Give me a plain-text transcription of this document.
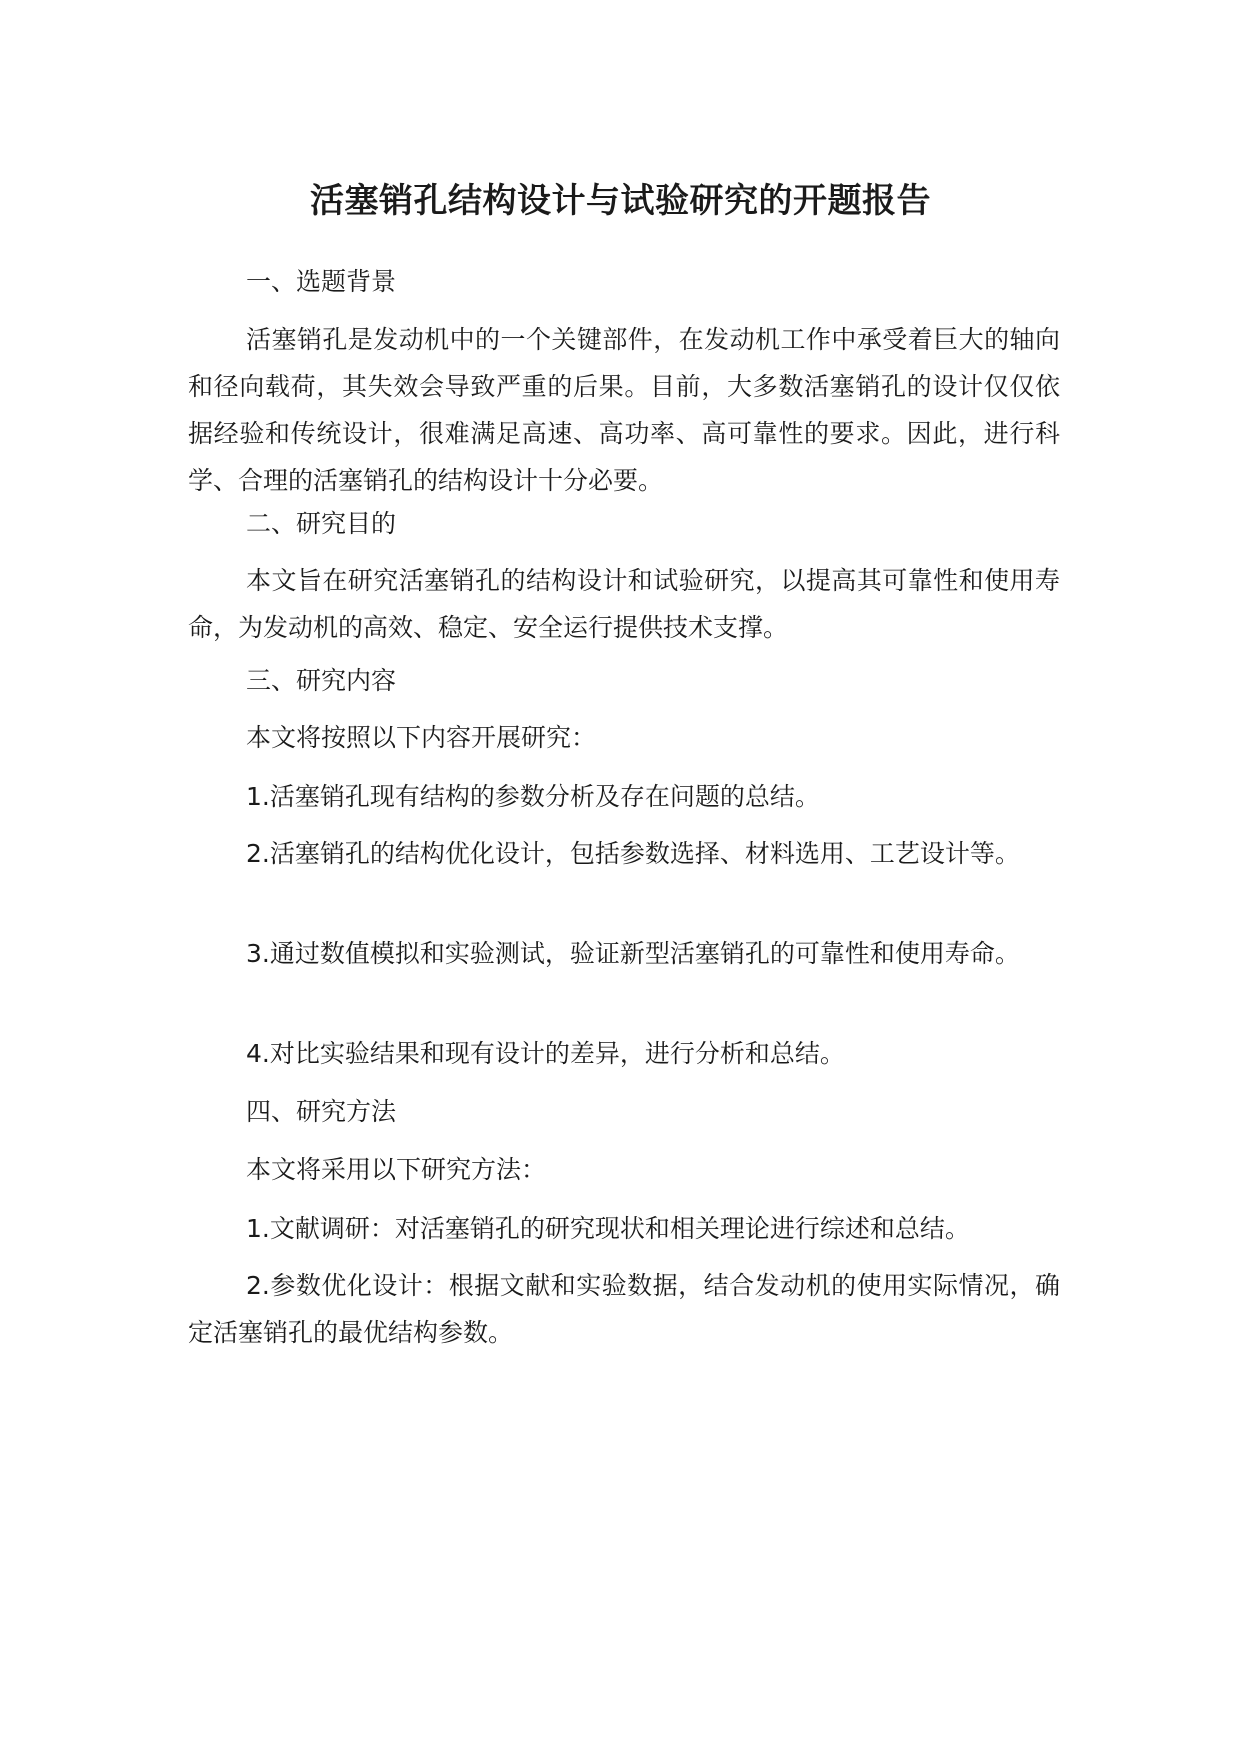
活塞销孔结构设计与试验研究的开题报告

一、选题背景

活塞销孔是发动机中的一个关键部件，在发动机工作中承受着巨大的轴向和径向载荷，其失效会导致严重的后果。目前，大多数活塞销孔的设计仅仅依据经验和传统设计，很难满足高速、高功率、高可靠性的要求。因此，进行科学、合理的活塞销孔的结构设计十分必要。

二、研究目的

本文旨在研究活塞销孔的结构设计和试验研究，以提高其可靠性和使用寿命，为发动机的高效、稳定、安全运行提供技术支撑。

三、研究内容

本文将按照以下内容开展研究：

1.活塞销孔现有结构的参数分析及存在问题的总结。

2.活塞销孔的结构优化设计，包括参数选择、材料选用、工艺设计等。

3.通过数值模拟和实验测试，验证新型活塞销孔的可靠性和使用寿命。

4.对比实验结果和现有设计的差异，进行分析和总结。

四、研究方法

本文将采用以下研究方法：

1.文献调研：对活塞销孔的研究现状和相关理论进行综述和总结。

2.参数优化设计：根据文献和实验数据，结合发动机的使用实际情况，确定活塞销孔的最优结构参数。
